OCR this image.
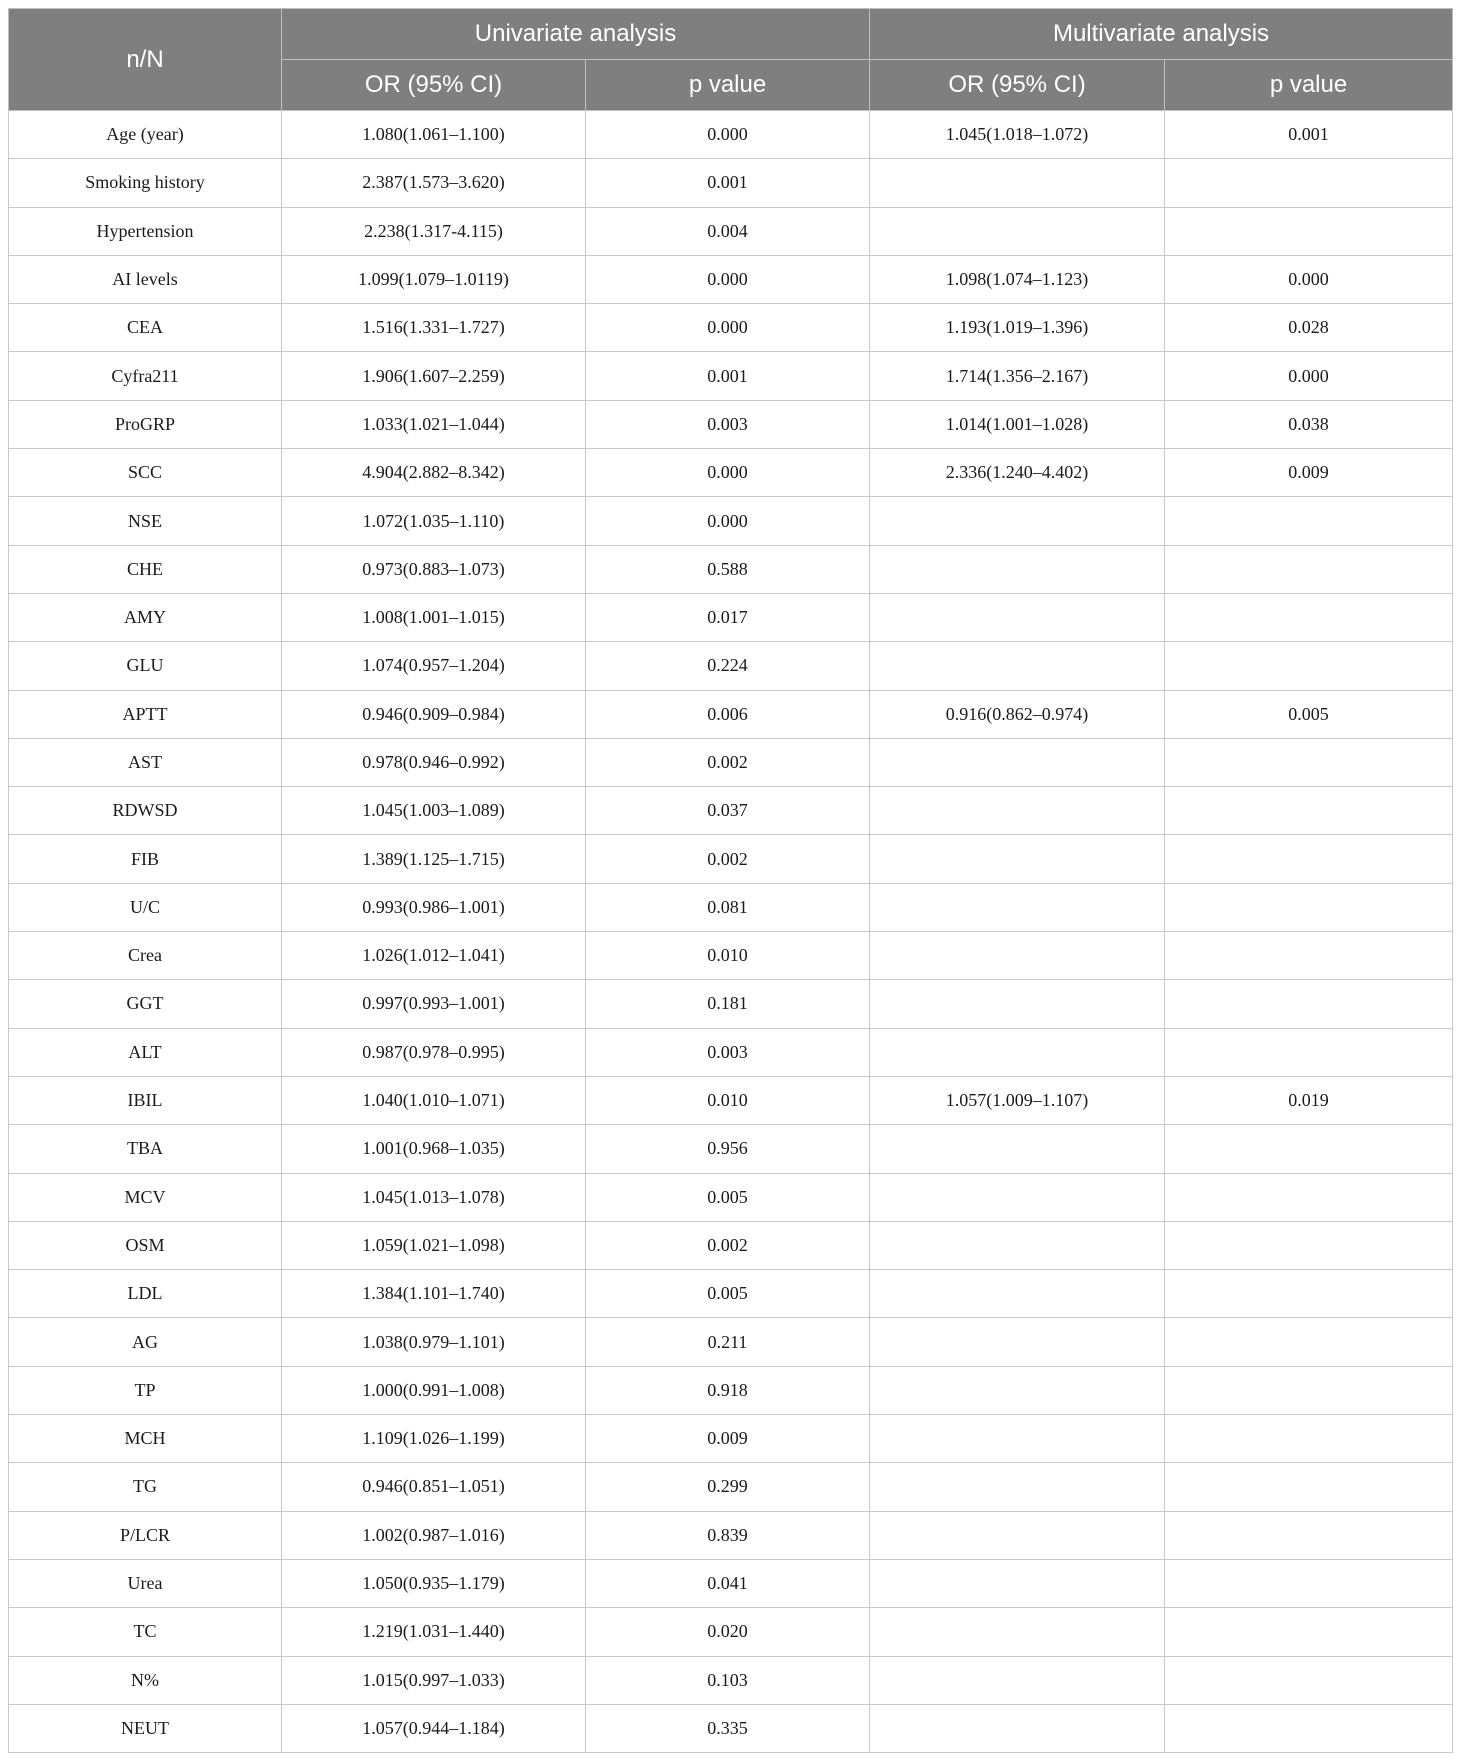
n/N	Univariate analysis		Multivariate analysis	
	OR (95% CI)	p value	OR (95% CI)	p value
Age (year)	1.080(1.061–1.100)	0.000	1.045(1.018–1.072)	0.001
Smoking history	2.387(1.573–3.620)	0.001		
Hypertension	2.238(1.317-4.115)	0.004		
AI levels	1.099(1.079–1.0119)	0.000	1.098(1.074–1.123)	0.000
CEA	1.516(1.331–1.727)	0.000	1.193(1.019–1.396)	0.028
Cyfra211	1.906(1.607–2.259)	0.001	1.714(1.356–2.167)	0.000
ProGRP	1.033(1.021–1.044)	0.003	1.014(1.001–1.028)	0.038
SCC	4.904(2.882–8.342)	0.000	2.336(1.240–4.402)	0.009
NSE	1.072(1.035–1.110)	0.000		
CHE	0.973(0.883–1.073)	0.588		
AMY	1.008(1.001–1.015)	0.017		
GLU	1.074(0.957–1.204)	0.224		
APTT	0.946(0.909–0.984)	0.006	0.916(0.862–0.974)	0.005
AST	0.978(0.946–0.992)	0.002		
RDWSD	1.045(1.003–1.089)	0.037		
FIB	1.389(1.125–1.715)	0.002		
U/C	0.993(0.986–1.001)	0.081		
Crea	1.026(1.012–1.041)	0.010		
GGT	0.997(0.993–1.001)	0.181		
ALT	0.987(0.978–0.995)	0.003		
IBIL	1.040(1.010–1.071)	0.010	1.057(1.009–1.107)	0.019
TBA	1.001(0.968–1.035)	0.956		
MCV	1.045(1.013–1.078)	0.005		
OSM	1.059(1.021–1.098)	0.002		
LDL	1.384(1.101–1.740)	0.005		
AG	1.038(0.979–1.101)	0.211		
TP	1.000(0.991–1.008)	0.918		
MCH	1.109(1.026–1.199)	0.009		
TG	0.946(0.851–1.051)	0.299		
P/LCR	1.002(0.987–1.016)	0.839		
Urea	1.050(0.935–1.179)	0.041		
TC	1.219(1.031–1.440)	0.020		
N%	1.015(0.997–1.033)	0.103		
NEUT	1.057(0.944–1.184)	0.335		
